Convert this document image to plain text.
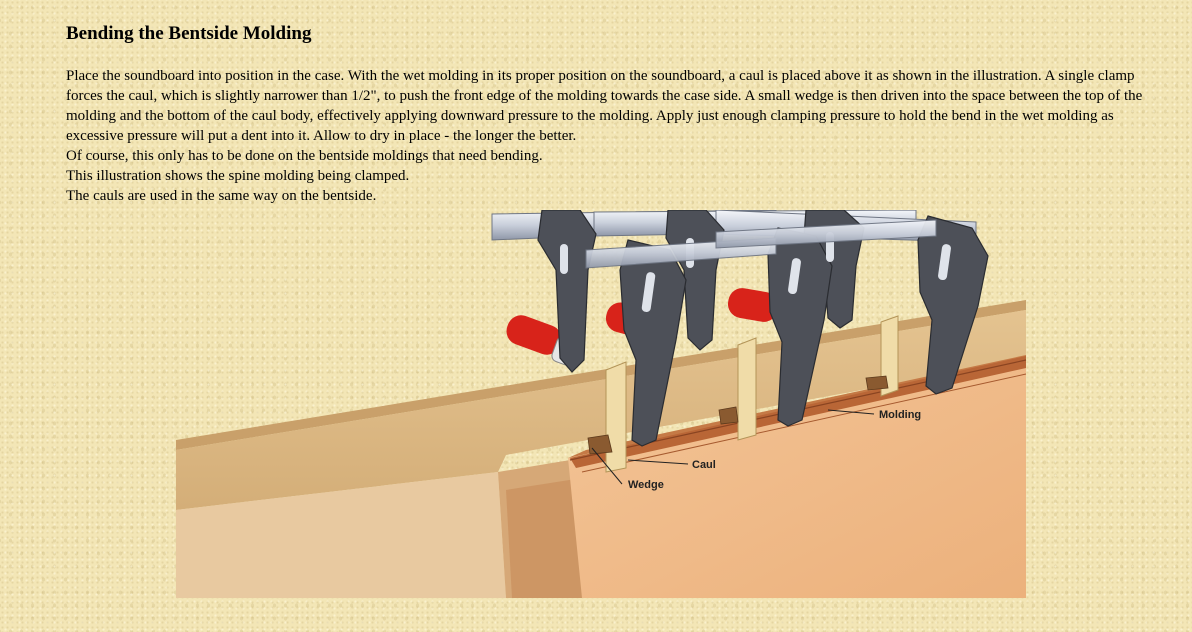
Bending the Bentside Molding
Place the soundboard into position in the case. With the wet molding in its proper position on the soundboard, a caul is placed above it as shown in the illustration. A single clamp forces the caul, which is slightly narrower than 1/2", to push the front edge of the molding towards the case side. A small wedge is then driven into the space between the top of the molding and the bottom of the caul body, effectively applying downward pressure to the molding. Apply just enough clamping pressure to hold the bend in the wet molding as excessive pressure will put a dent into it. Allow to dry in place - the longer the better.
Of course, this only has to be done on the bentside moldings that need bending.
This illustration shows the spine molding being clamped.
The cauls are used in the same way on the bentside.
Molding
Caul
Wedge
